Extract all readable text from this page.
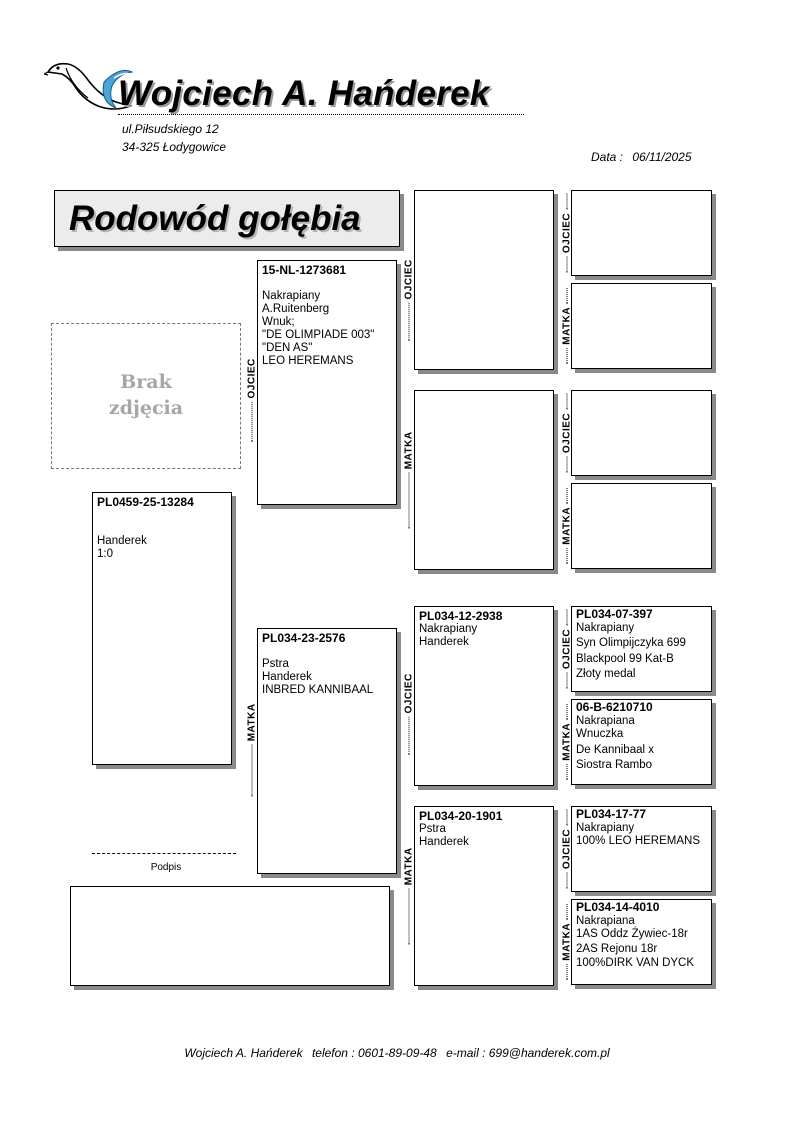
Wojciech A. Hańderek
ul.Piłsudskiego 12
34-325 Łodygowice
Data : 06/11/2025
Rodowód gołębia
Brak
zdjęcia
PL0459-25-13284
Handerek
1:0
Podpis
15-NL-1273681
Nakrapiany
A.Ruitenberg
Wnuk;
"DE OLIMPIADE 003"
"DEN AS"
LEO HEREMANS
PL034-23-2576
Pstra
Handerek
INBRED KANNIBAAL
PL034-12-2938
Nakrapiany
Handerek
PL034-20-1901
Pstra
Handerek
PL034-07-397
Nakrapiany
Syn Olimpijczyka 699
Blackpool 99 Kat-B
Złoty medal
06-B-6210710
Nakrapiana
Wnuczka
De Kannibaal x
Siostra Rambo
PL034-17-77
Nakrapiany
100% LEO HEREMANS
PL034-14-4010
Nakrapiana
1AS Oddz Żywiec-18r
2AS Rejonu 18r
100%DIRK VAN DYCK
OJCIEC
MATKA
OJCIEC
MATKA
OJCIEC
MATKA
OJCIEC
MATKA
OJCIEC
MATKA
OJCIEC
MATKA
OJCIEC
MATKA
Wojciech A. Hańderek telefon : 0601-89-09-48 e-mail : 699@handerek.com.pl
